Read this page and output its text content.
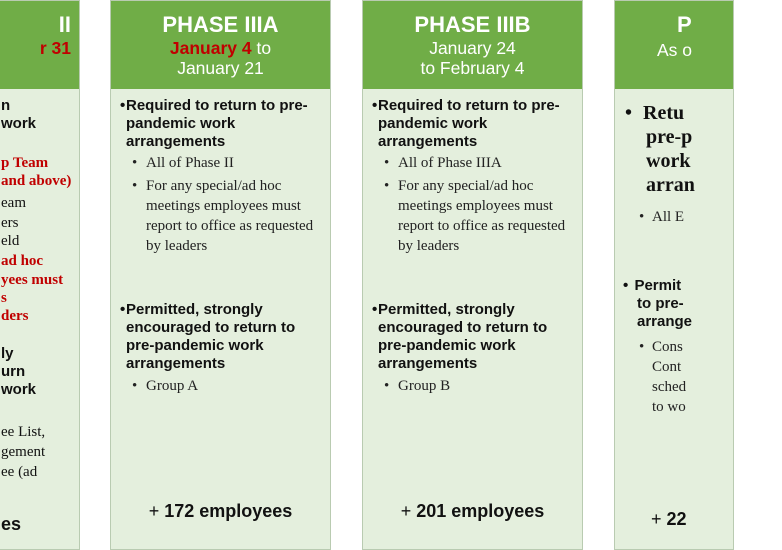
II
r 31
n
work
p Team
and above)
eam
ers
eld
ad hoc
yees must
s
ders
ly
urn
work
ee List,
gement
ee (ad
es
PHASE IIIA
January 4 to
January 21
• Required to return to pre-pandemic work arrangements
• All of Phase II
• For any special/ad hoc meetings employees must report to office as requested by leaders
• Permitted, strongly encouraged to return to pre-pandemic work arrangements
• Group A
+ 172 employees
PHASE IIIB
January 24
to February 4
• Required to return to pre-pandemic work arrangements
• All of Phase IIIA
• For any special/ad hoc meetings employees must report to office as requested by leaders
• Permitted, strongly encouraged to return to pre-pandemic work arrangements
• Group B
+ 201 employees
P
As o
• Retu
pre-p
work
arran
• All E
• Permit
to pre-
arrange
• Cons
Cont
sched
to wo
+ 22
